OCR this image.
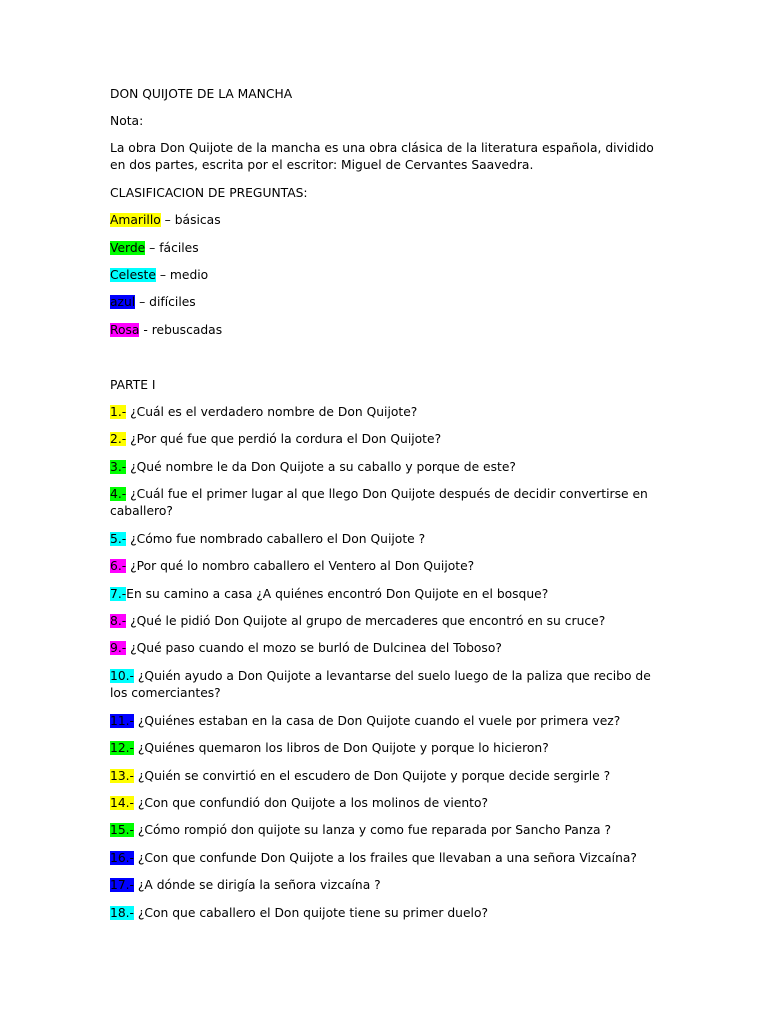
DON QUIJOTE DE LA MANCHA
Nota:
La obra Don Quijote de la mancha es una obra clásica de la literatura española, dividido en dos partes, escrita por el escritor: Miguel de Cervantes Saavedra.
CLASIFICACION DE PREGUNTAS:
Amarillo – básicas
Verde – fáciles
Celeste – medio
azul – difíciles
Rosa - rebuscadas
PARTE I
1.- ¿Cuál es el verdadero nombre de Don Quijote?
2.- ¿Por qué fue que perdió la cordura el Don Quijote?
3.- ¿Qué nombre le da Don Quijote a su caballo y porque de este?
4.- ¿Cuál fue el primer lugar al que llego Don Quijote después de decidir convertirse en caballero?
5.- ¿Cómo fue nombrado caballero el Don Quijote ?
6.- ¿Por qué lo nombro caballero el Ventero al Don Quijote?
7.-En su camino a casa ¿A quiénes encontró Don Quijote en el bosque?
8.- ¿Qué le pidió Don Quijote al grupo de mercaderes que encontró en su cruce?
9.- ¿Qué paso cuando el mozo se burló de Dulcinea del Toboso?
10.- ¿Quién ayudo a Don Quijote a levantarse del suelo luego de la paliza que recibo de los comerciantes?
11.- ¿Quiénes estaban en la casa de Don Quijote cuando el vuele por primera vez?
12.- ¿Quiénes quemaron los libros de Don Quijote y porque lo hicieron?
13.- ¿Quién se convirtió en el escudero de Don Quijote y porque decide sergirle ?
14.- ¿Con que confundió don Quijote a los molinos de viento?
15.- ¿Cómo rompió don quijote su lanza y como fue reparada por Sancho Panza ?
16.- ¿Con que confunde Don Quijote a los frailes que llevaban a una señora Vizcaína?
17.- ¿A dónde se dirigía la señora vizcaína ?
18.- ¿Con que caballero el Don quijote tiene su primer duelo?
